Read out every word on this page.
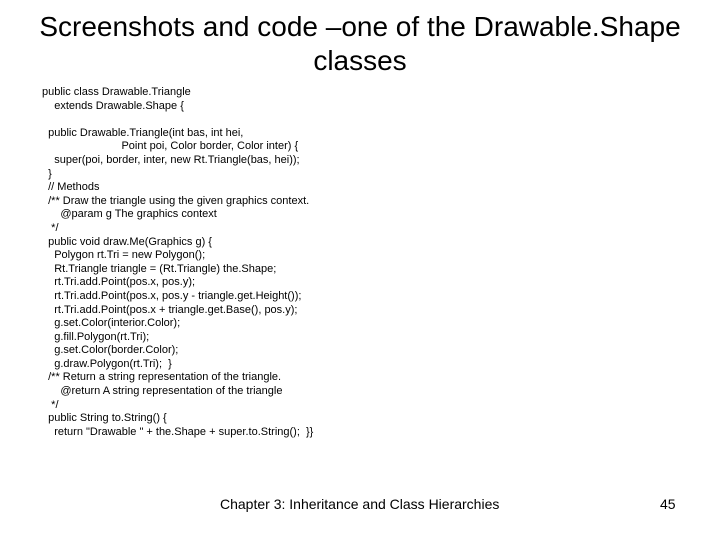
Screenshots and code –one of the Drawable.Shape
classes
public class Drawable.Triangle
extends Drawable.Shape {
public Drawable.Triangle(int bas, int hei,
Point poi, Color border, Color inter) {
super(poi, border, inter, new Rt.Triangle(bas, hei));
}
// Methods
/** Draw the triangle using the given graphics context.
@param g The graphics context
*/
public void draw.Me(Graphics g) {
Polygon rt.Tri = new Polygon();
Rt.Triangle triangle = (Rt.Triangle) the.Shape;
rt.Tri.add.Point(pos.x, pos.y);
rt.Tri.add.Point(pos.x, pos.y - triangle.get.Height());
rt.Tri.add.Point(pos.x + triangle.get.Base(), pos.y);
g.set.Color(interior.Color);
g.fill.Polygon(rt.Tri);
g.set.Color(border.Color);
g.draw.Polygon(rt.Tri);  }
/** Return a string representation of the triangle.
@return A string representation of the triangle
*/
public String to.String() {
return "Drawable " + the.Shape + super.to.String();  }}
Chapter 3: Inheritance and Class Hierarchies	45
